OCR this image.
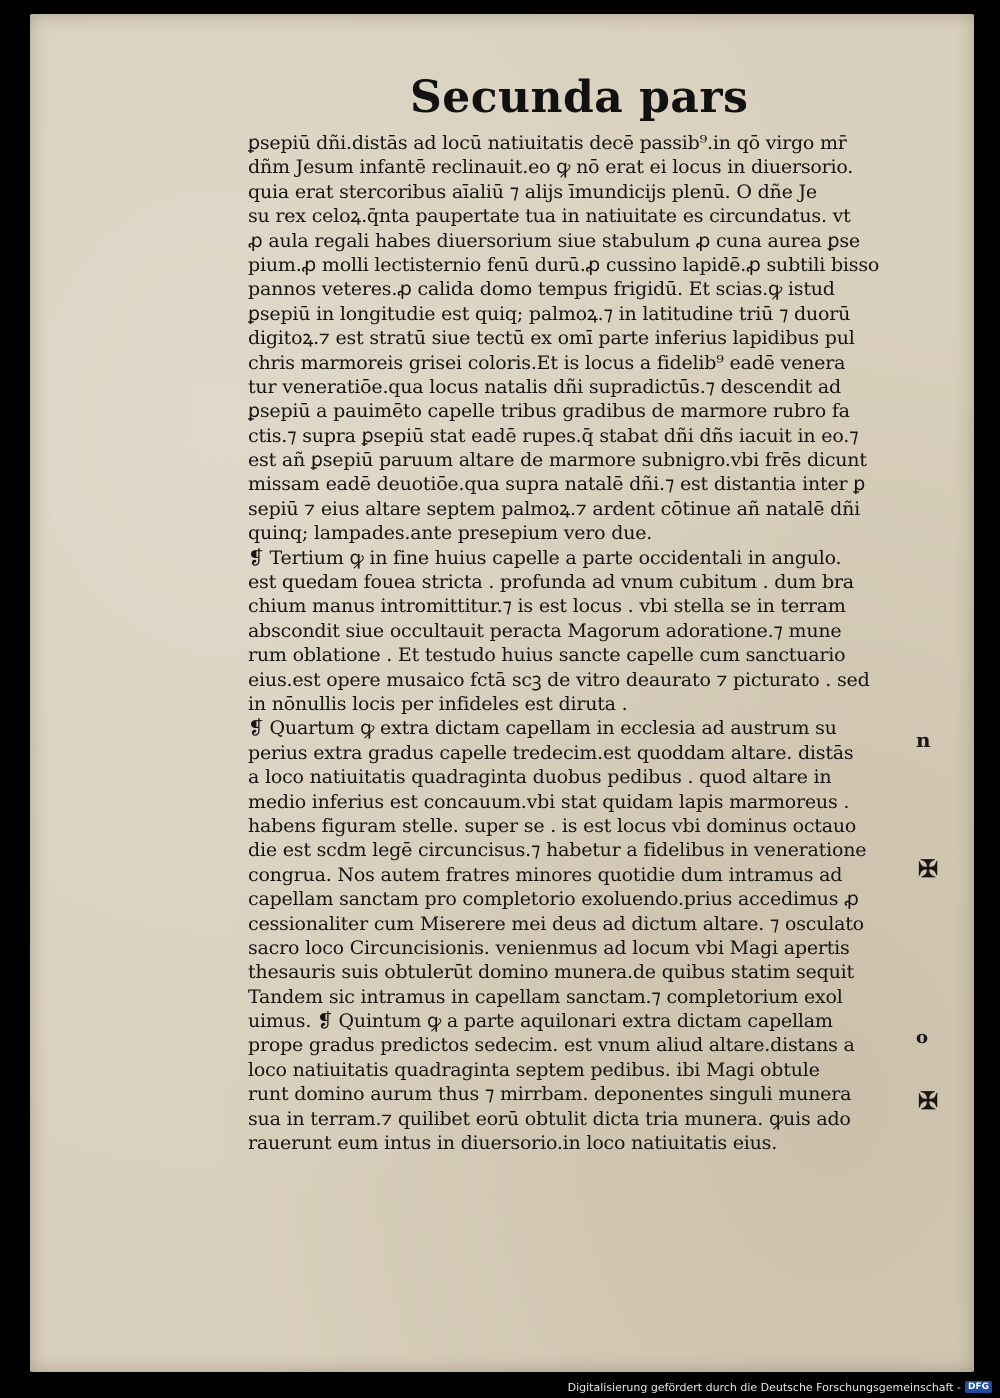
Secunda pars
ꝑsepiū dñi.distās ad locū natiuitatis decē passib⁹.in qō virgo mr̄
dñm Jesum infantē reclinauit.eo ꝙ nō erat ei locus in diuersorio.
quia erat stercoribus aīaliū ⁊ alijs īmundicijs plenū. O dñe Je
su rex celoꝝ.q̄nta paupertate tua in natiuitate es circundatus. vt
ꝓ aula regali habes diuersorium siue stabulum ꝓ cuna aurea ꝑse
pium.ꝓ molli lectisternio fenū durū.ꝓ cussino lapidē.ꝓ subtili bisso
pannos veteres.ꝓ calida domo tempus frigidū. Et scias.ꝙ istud
ꝑsepiū in longitudie est quiq; palmoꝝ.⁊ in latitudine triū ⁊ duorū
digitoꝝ.⁊ est stratū siue tectū ex omī parte inferius lapidibus pul
chris marmoreis grisei coloris.Et is locus a fidelib⁹ eadē venera
tur veneratiōe.qua locus natalis dñi supradictūs.⁊ descendit ad
ꝑsepiū a pauimēto capelle tribus gradibus de marmore rubro fa
ctis.⁊ supra ꝑsepiū stat eadē rupes.q̄ stabat dñi dñs iacuit in eo.⁊
est añ ꝑsepiū paruum altare de marmore subnigro.vbi frēs dicunt
missam eadē deuotiōe.qua supra natalē dñi.⁊ est distantia inter ꝑ
sepiū ⁊ eius altare septem palmoꝝ.⁊ ardent cōtinue añ natalē dñi
quinq; lampades.ante presepium vero due.
❡ Tertium ꝙ in fine huius capelle a parte occidentali in angulo.
est quedam fouea stricta . profunda ad vnum cubitum . dum bra
chium manus intromittitur.⁊ is est locus . vbi stella se in terram
abscondit siue occultauit peracta Magorum adoratione.⁊ mune
rum oblatione . Et testudo huius sancte capelle cum sanctuario
eius.est opere musaico fctā scꝫ de vitro deaurato ⁊ picturato . sed
in nōnullis locis per infideles est diruta .
❡ Quartum ꝙ extra dictam capellam in ecclesia ad austrum su
perius extra gradus capelle tredecim.est quoddam altare. distās
a loco natiuitatis quadraginta duobus pedibus . quod altare in
medio inferius est concauum.vbi stat quidam lapis marmoreus .
habens figuram stelle. super se . is est locus vbi dominus octauo
die est scdm legē circuncisus.⁊ habetur a fidelibus in veneratione
congrua. Nos autem fratres minores quotidie dum intramus ad
capellam sanctam pro completorio exoluendo.prius accedimus ꝓ
cessionaliter cum Miserere mei deus ad dictum altare. ⁊ osculato
sacro loco Circuncisionis. venienmus ad locum vbi Magi apertis
thesauris suis obtulerūt domino munera.de quibus statim sequit
Tandem sic intramus in capellam sanctam.⁊ completorium exol
uimus. ❡ Quintum ꝙ a parte aquilonari extra dictam capellam
prope gradus predictos sedecim. est vnum aliud altare.distans a
loco natiuitatis quadraginta septem pedibus. ibi Magi obtule
runt domino aurum thus ⁊ mirrbam. deponentes singuli munera
sua in terram.⁊ quilibet eorū obtulit dicta tria munera. ꝙuis ado
rauerunt eum intus in diuersorio.in loco natiuitatis eius.
n
✠
o
✠
Digitalisierung gefördert durch die Deutsche Forschungsgemeinschaft - DFG
